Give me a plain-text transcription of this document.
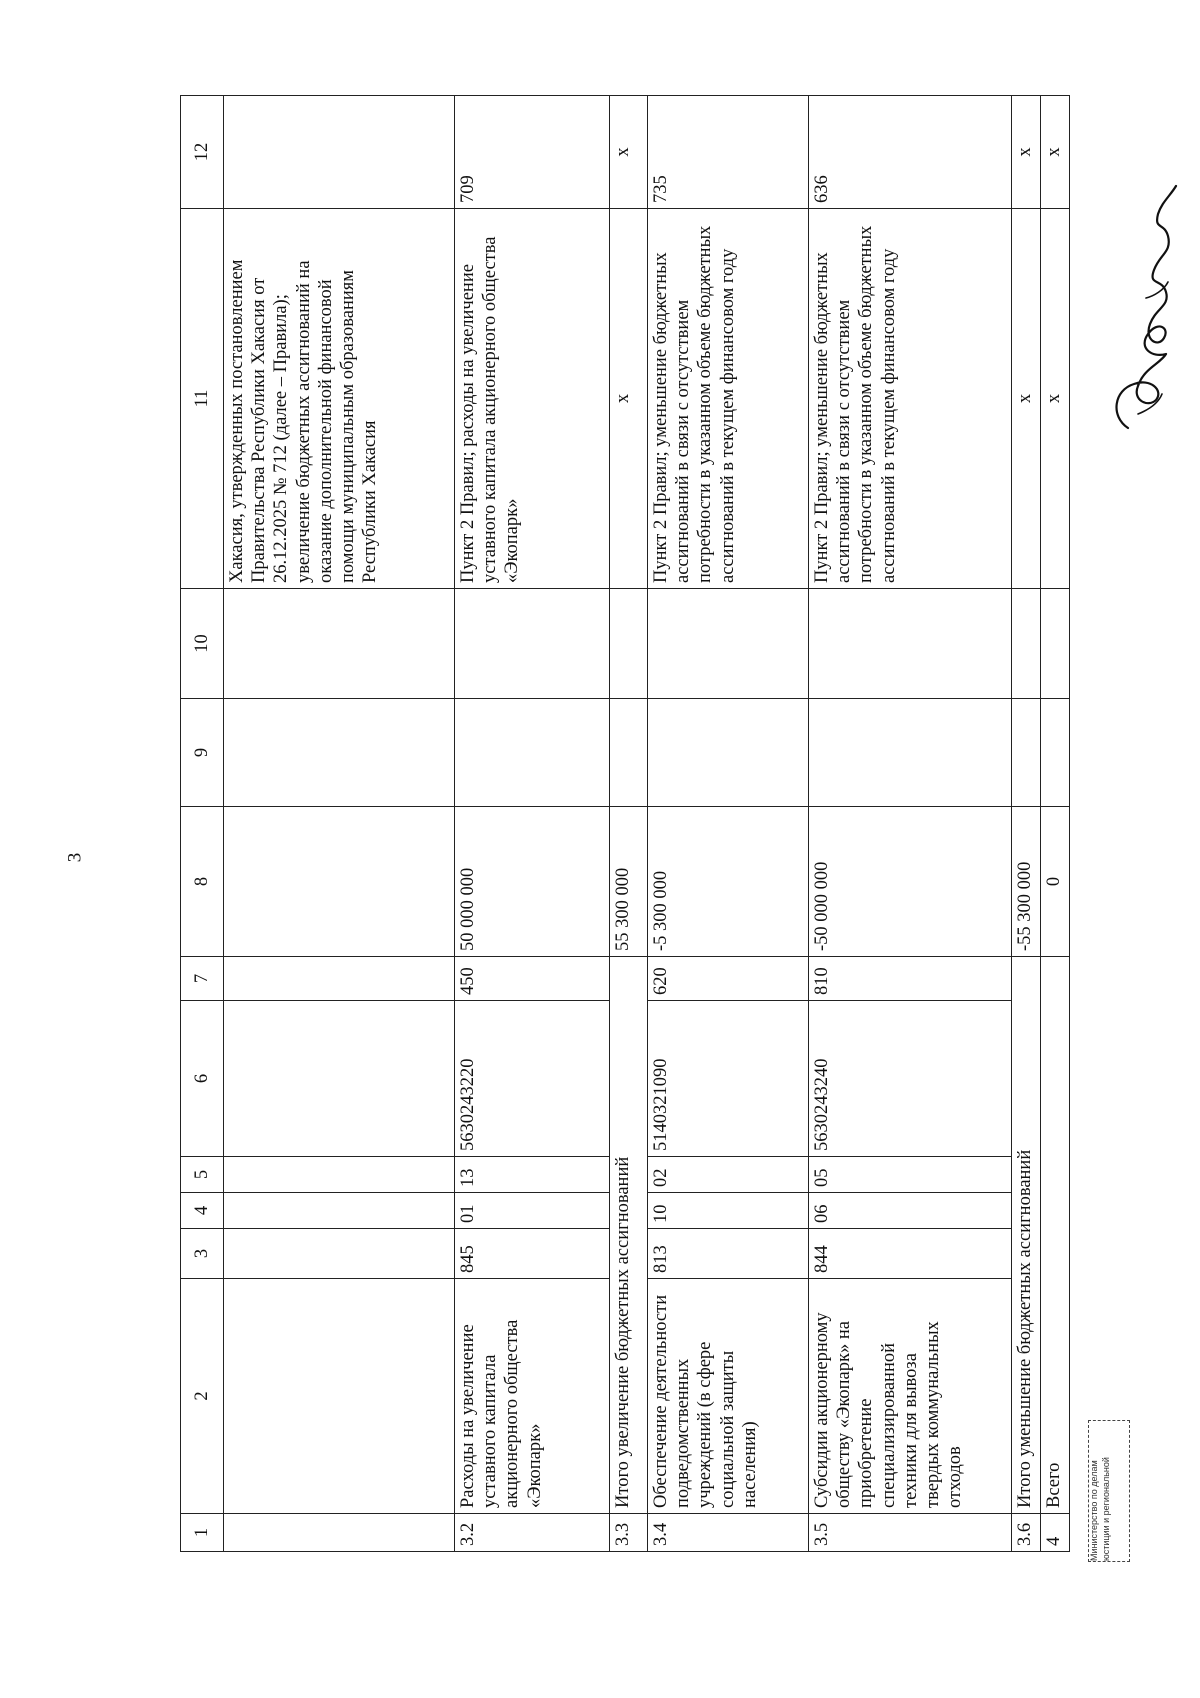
3
1	2	3	4	5	6	7	8	9	10	11	12
										Хакасия, утвержденных постановлением Правительства Республики Хакасия от 26.12.2025 № 712 (далее – Правила); увеличение бюджетных ассигнований на оказание дополнительной финансовой помощи муниципальным образованиям Республики Хакасия	
3.2	Расходы на увеличение уставного капитала акционерного общества «Экопарк»	845	01	13	5630243220	450	50 000 000			Пункт 2 Правил; расходы на увеличение уставного капитала акционерного общества «Экопарк»	709
3.3	Итого увеличение бюджетных ассигнований						55 300 000			x	x
3.4	Обеспечение деятельности подведомственных учреждений (в сфере социальной защиты населения)	813	10	02	5140321090	620	-5 300 000			Пункт 2 Правил; уменьшение бюджетных ассигнований в связи с отсутствием потребности в указанном объеме бюджетных ассигнований в текущем финансовом году	735
3.5	Субсидии акционерному обществу «Экопарк» на приобретение специализированной техники для вывоза твердых коммунальных отходов	844	06	05	5630243240	810	-50 000 000			Пункт 2 Правил; уменьшение бюджетных ассигнований в связи с отсутствием потребности в указанном объеме бюджетных ассигнований в текущем финансовом году	636
3.6	Итого уменьшение бюджетных ассигнований						-55 300 000			x	x
4	Всего						0			x	x
Министерство по делам юстиции и региональной
